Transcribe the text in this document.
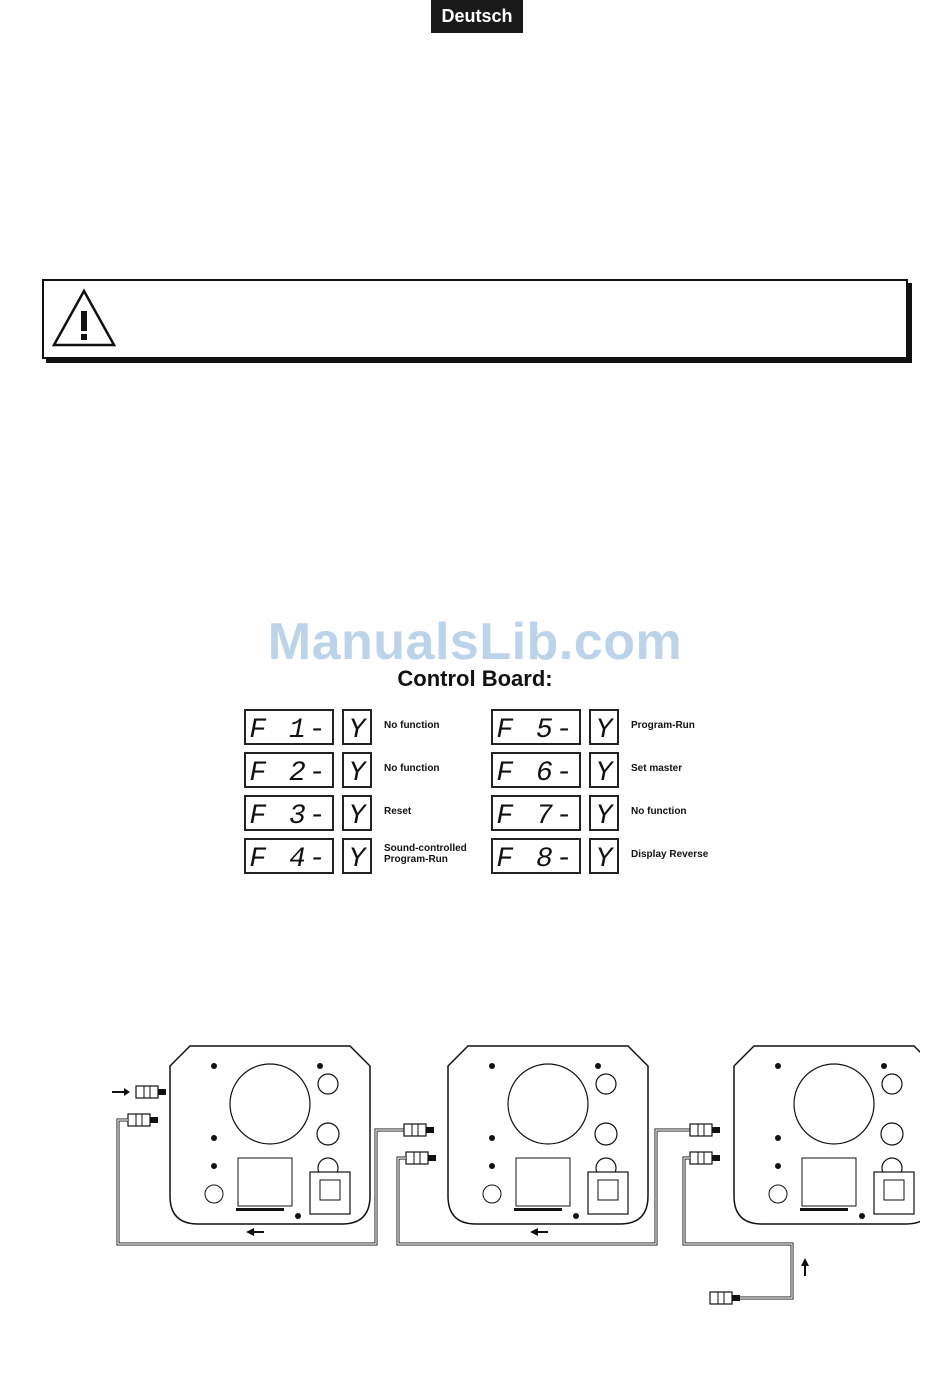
Deutsch
ManualsLib.com
Control Board:
F 1- Y No function
F 2- Y No function
F 3- Y Reset
F 4- Y Sound-controlled
Program-Run
F 5- Y Program-Run
F 6- Y Set master
F 7- Y No function
F 8- Y Display Reverse
